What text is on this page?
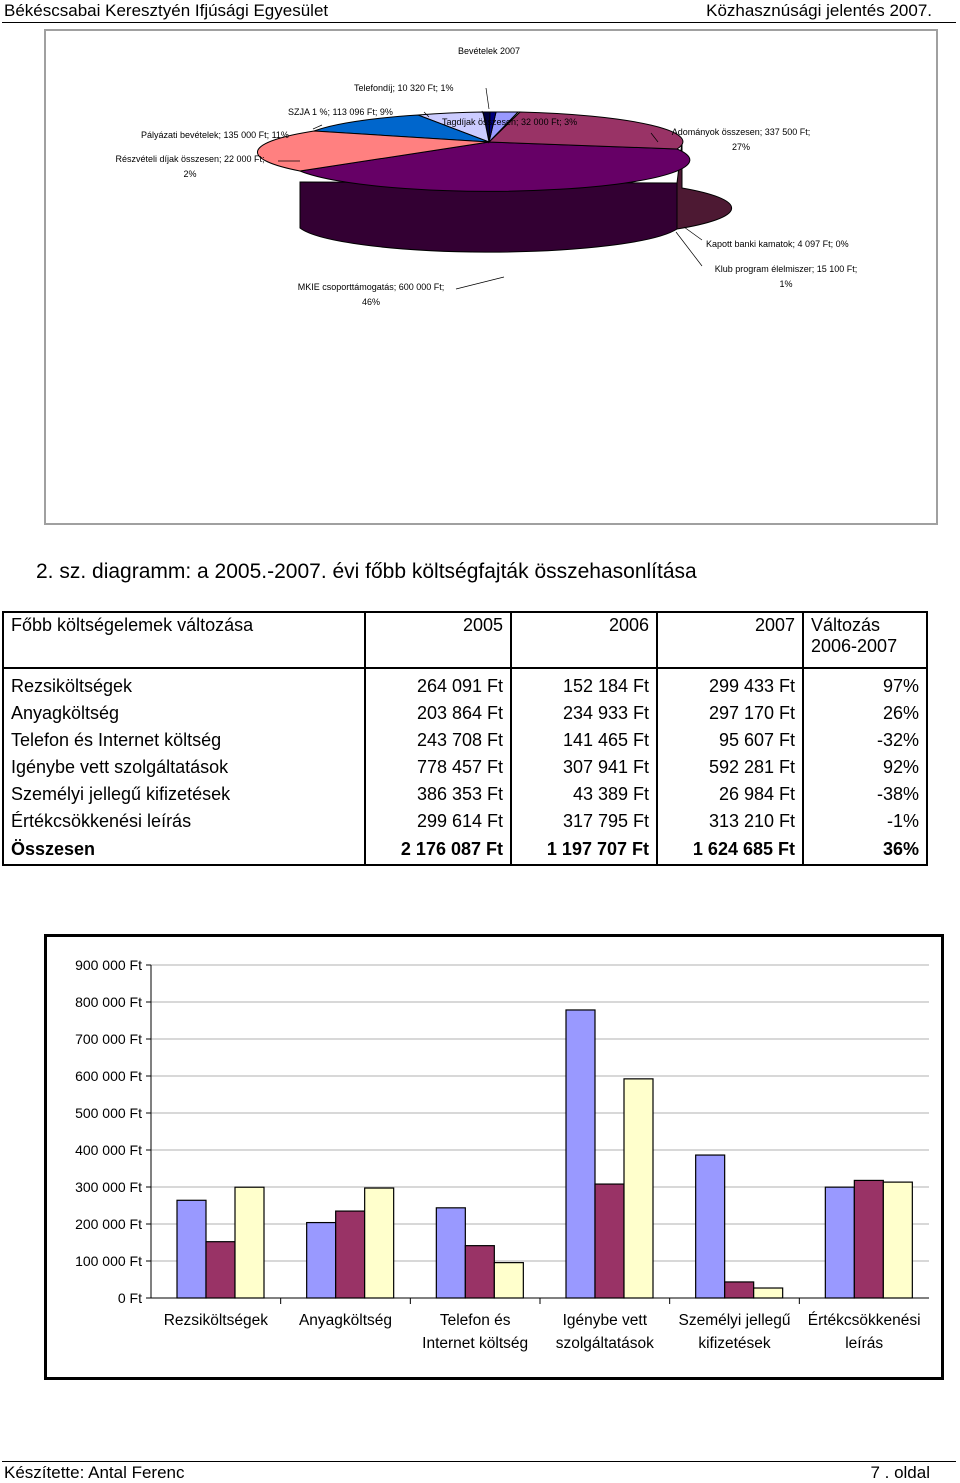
Békéscsabai Keresztyén Ifjúsági Egyesület	Közhasznúsági jelentés 2007.
Bevételek 2007
Telefondíj; 10 320 Ft; 1%
SZJA 1 %; 113 096 Ft; 9%
Tagdíjak összesen; 32 000 Ft; 3%
Pályázati bevételek; 135 000 Ft; 11%
Részvételi díjak összesen; 22 000 Ft;
2%
Adományok összesen; 337 500 Ft;
27%
Kapott banki kamatok; 4 097 Ft; 0%
Klub program élelmiszer; 15 100 Ft;
1%
MKIE csoporttámogatás; 600 000 Ft;
46%
2. sz. diagramm: a 2005.-2007. évi főbb költségfajták összehasonlítása
Főbb költségelemek változása	2005	2006	2007	Változás 2006-2007
Rezsiköltségek	264 091 Ft	152 184 Ft	299 433 Ft	97%
Anyagköltség	203 864 Ft	234 933 Ft	297 170 Ft	26%
Telefon és Internet költség	243 708 Ft	141 465 Ft	95 607 Ft	-32%
Igénybe vett szolgáltatások	778 457 Ft	307 941 Ft	592 281 Ft	92%
Személyi jellegű kifizetések	386 353 Ft	43 389 Ft	26 984 Ft	-38%
Értékcsökkenési leírás	299 614 Ft	317 795 Ft	313 210 Ft	-1%
Összesen	2 176 087 Ft	1 197 707 Ft	1 624 685 Ft	36%
0 Ft
100 000 Ft
200 000 Ft
300 000 Ft
400 000 Ft
500 000 Ft
600 000 Ft
700 000 Ft
800 000 Ft
900 000 Ft
Rezsiköltségek Anyagköltség	Telefon és
Internet költség
Igénybe vett
szolgáltatások
Személyi jellegű
kifizetések
Értékcsökkenési
leírás
Készítette: Antal Ferenc	7 . oldal
